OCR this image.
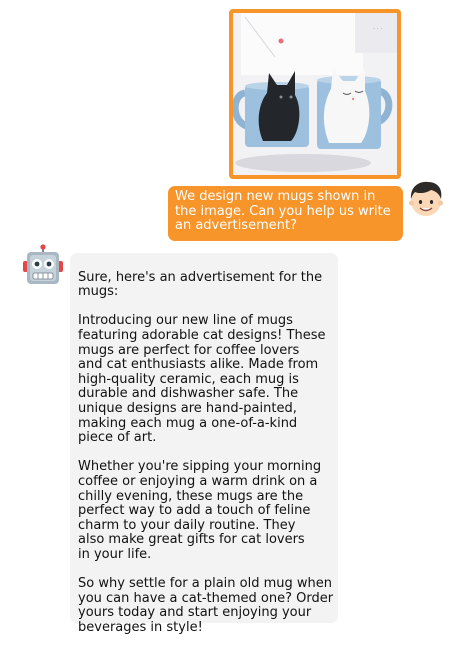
· · ·
We design new mugs shown in the image. Can you help us write an advertisement?

Sure, here's an advertisement for the mugs:

Introducing our new line of mugs featuring adorable cat designs! These mugs are perfect for coffee lovers
and cat enthusiasts alike. Made from high-quality ceramic, each mug is durable and dishwasher safe. The unique designs are hand-painted, making each mug a one-of-a-kind piece of art.

Whether you're sipping your morning coffee or enjoying a warm drink on a chilly evening, these mugs are the perfect way to add a touch of feline charm to your daily routine. They
also make great gifts for cat lovers
in your life.

So why settle for a plain old mug when you can have a cat-themed one? Order yours today and start enjoying your beverages in style!
